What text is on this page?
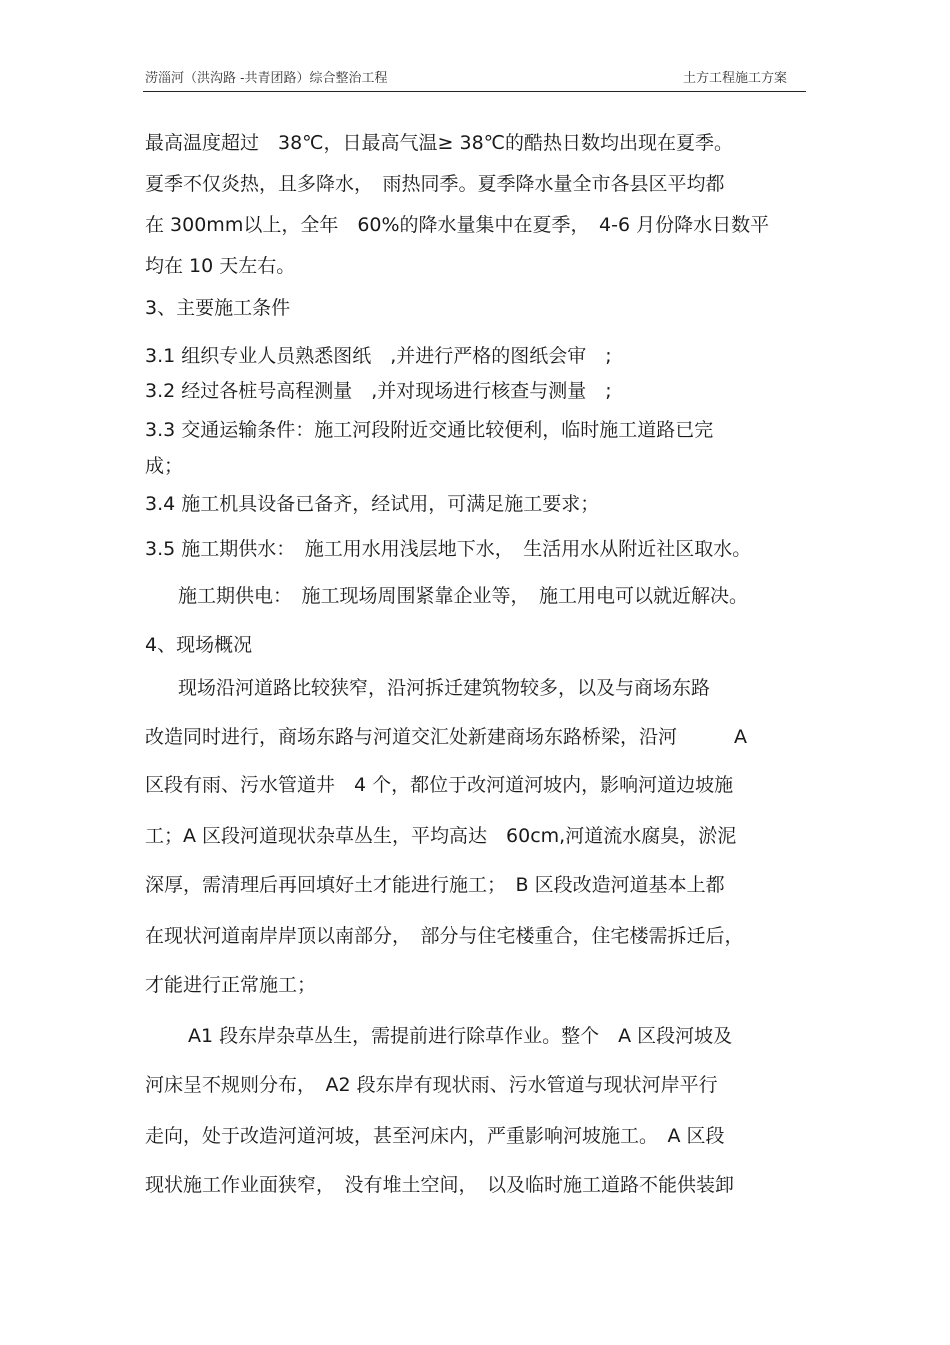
涝淄河（洪沟路 -共青团路）综合整治工程	土方工程施工方案
最高温度超过　38℃，日最高气温≥ 38℃的酷热日数均出现在夏季。
夏季不仅炎热，且多降水，　雨热同季。夏季降水量全市各县区平均都
在 300mm以上，全年　60%的降水量集中在夏季，　4-6 月份降水日数平
均在 10 天左右。
3、主要施工条件
3.1 组织专业人员熟悉图纸　,并进行严格的图纸会审　;
3.2 经过各桩号高程测量　,并对现场进行核查与测量　;
3.3 交通运输条件：施工河段附近交通比较便利，临时施工道路已完
成；
3.4 施工机具设备已备齐，经试用，可满足施工要求；
3.5 施工期供水：　施工用水用浅层地下水，　生活用水从附近社区取水。
施工期供电：　施工现场周围紧靠企业等，　施工用电可以就近解决。
4、现场概况
现场沿河道路比较狭窄，沿河拆迁建筑物较多，以及与商场东路
改造同时进行，商场东路与河道交汇处新建商场东路桥梁，沿河　　　A
区段有雨、污水管道井　4 个，都位于改河道河坡内，影响河道边坡施
工；A 区段河道现状杂草丛生，平均高达　60cm,河道流水腐臭，淤泥
深厚，需清理后再回填好土才能进行施工；　B 区段改造河道基本上都
在现状河道南岸岸顶以南部分，　部分与住宅楼重合，住宅楼需拆迁后，
才能进行正常施工；
A1 段东岸杂草丛生，需提前进行除草作业。整个　A 区段河坡及
河床呈不规则分布，　A2 段东岸有现状雨、污水管道与现状河岸平行
走向，处于改造河道河坡，甚至河床内，严重影响河坡施工。　A 区段
现状施工作业面狭窄，　没有堆土空间，　以及临时施工道路不能供装卸
